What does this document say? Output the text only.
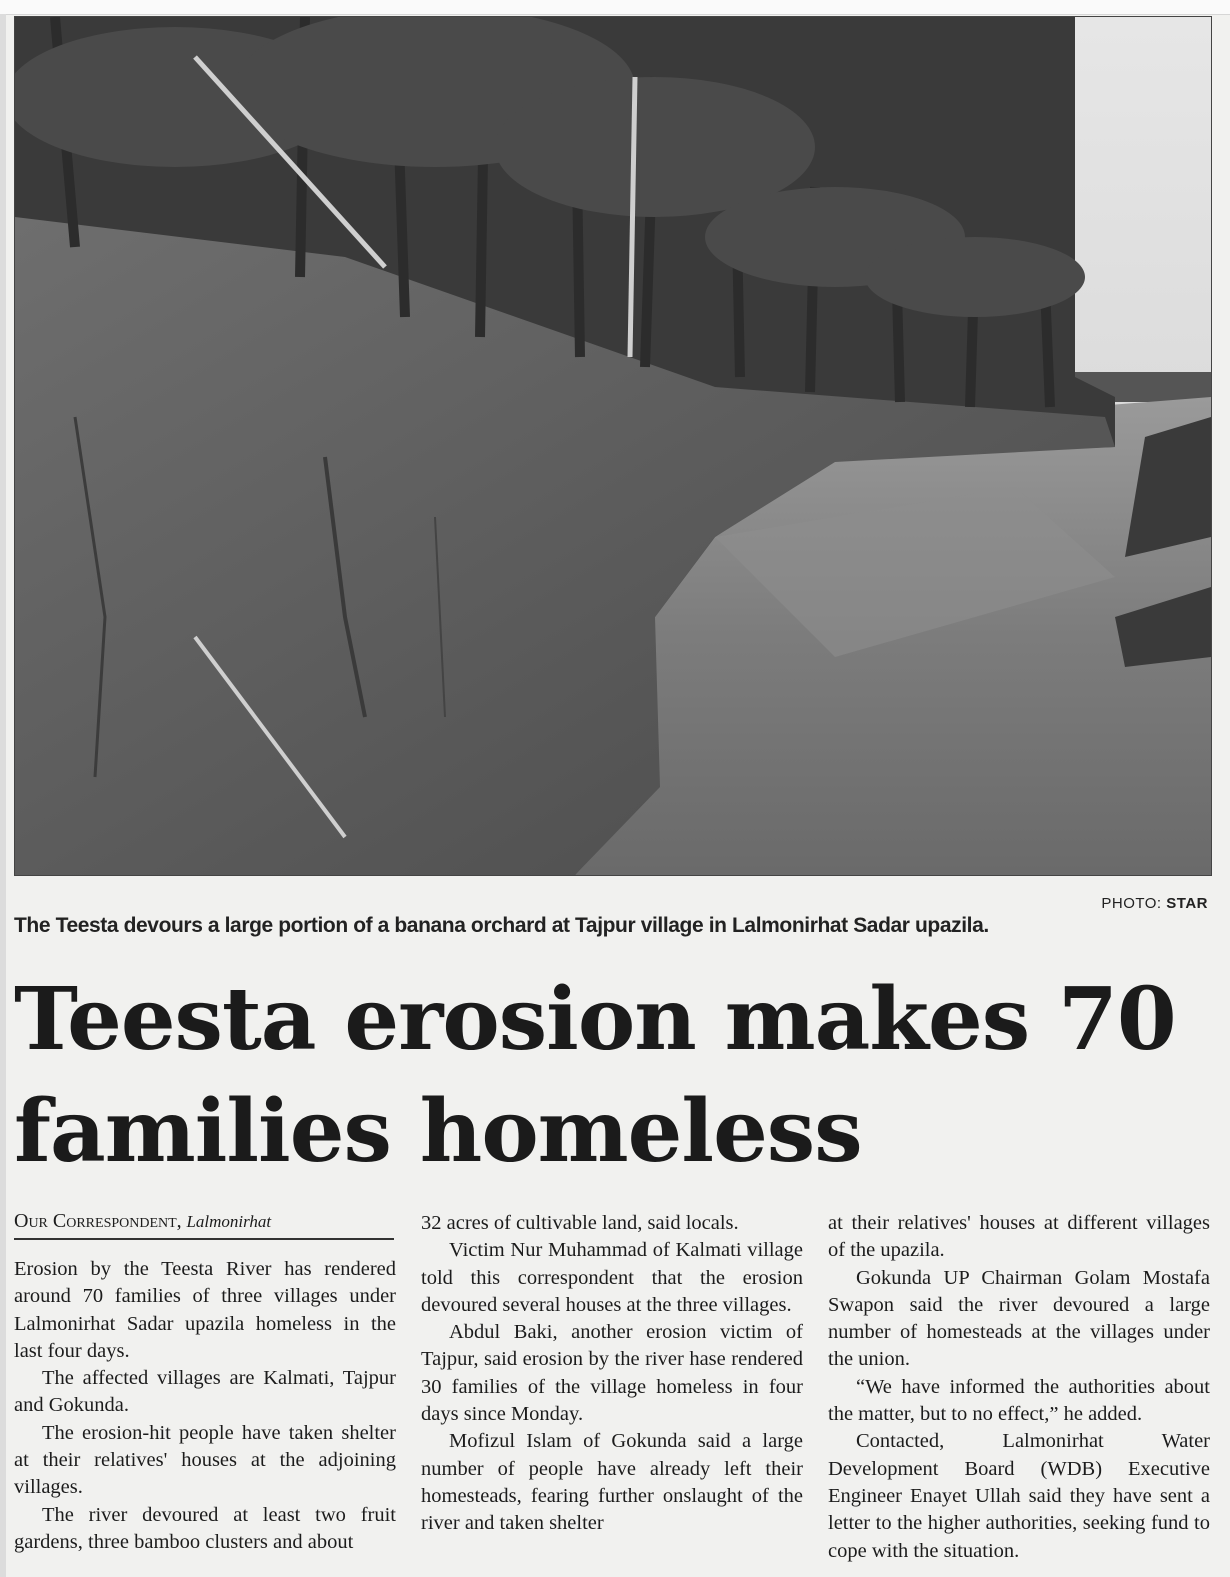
PHOTO: STAR
The Teesta devours a large portion of a banana orchard at Tajpur village in Lalmonirhat Sadar upazila.
Teesta erosion makes 70
families homeless
Our Correspondent, Lalmonirhat

Erosion by the Teesta River has rendered around 70 families of three villages under Lalmonirhat Sadar upazila homeless in the last four days.

The affected villages are Kalmati, Tajpur and Gokunda.

The erosion-hit people have taken shelter at their relatives' houses at the adjoining villages.

The river devoured at least two fruit gardens, three bamboo clusters and about

32 acres of cultivable land, said locals.

Victim Nur Muhammad of Kalmati village told this correspondent that the erosion devoured several houses at the three villages.

Abdul Baki, another erosion victim of Tajpur, said erosion by the river hase rendered 30 families of the village homeless in four days since Monday.

Mofizul Islam of Gokunda said a large number of people have already left their homesteads, fearing further onslaught of the river and taken shelter

at their relatives' houses at different villages of the upazila.

Gokunda UP Chairman Golam Mostafa Swapon said the river devoured a large number of homesteads at the villages under the union.

“We have informed the authorities about the matter, but to no effect,” he added.

Contacted, Lalmonirhat Water Development Board (WDB) Executive Engineer Enayet Ullah said they have sent a letter to the higher authorities, seeking fund to cope with the situation.
